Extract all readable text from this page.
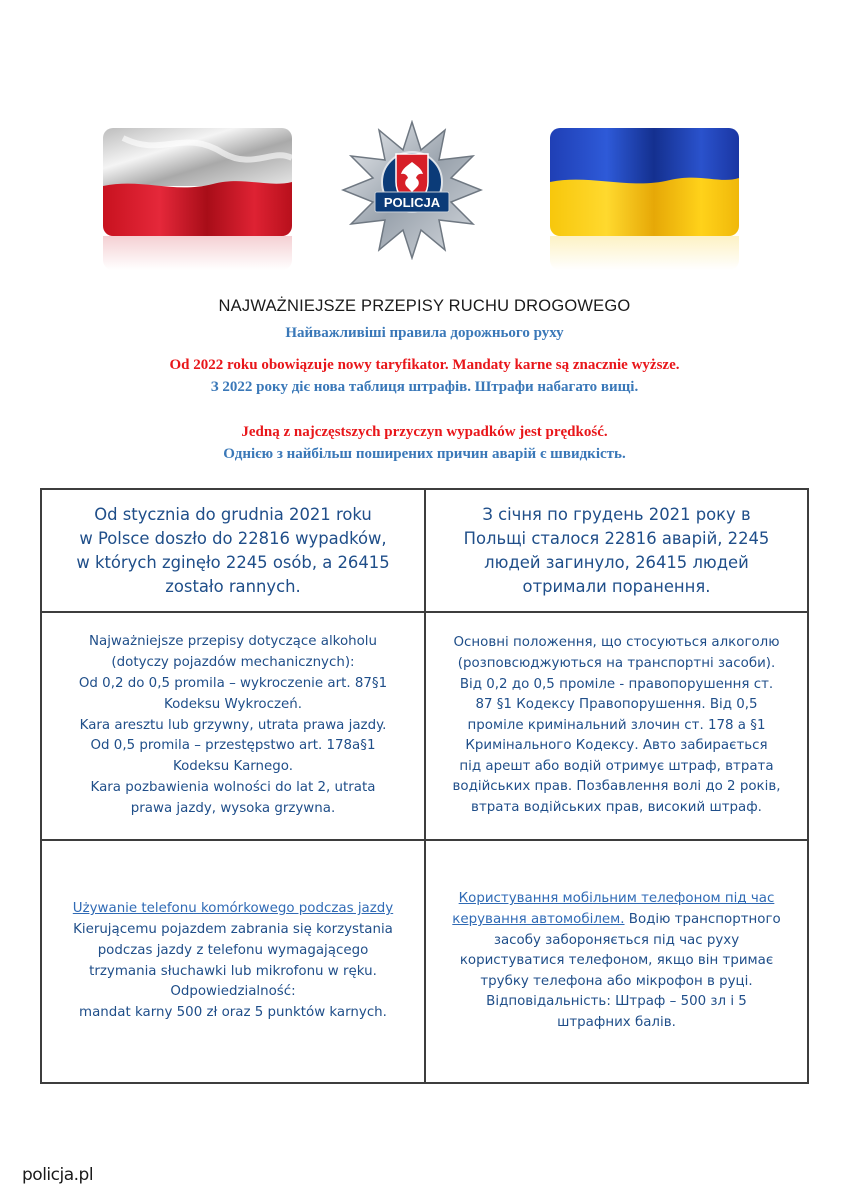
POLICJA
NAJWAŻNIEJSZE PRZEPISY RUCHU DROGOWEGO
Найважливіші правила дорожнього руху
Od 2022 roku obowiązuje nowy taryfikator. Mandaty karne są znacznie wyższe.
З 2022 року діє нова таблиця штрафів. Штрафи набагато вищі.
Jedną z najczęstszych przyczyn wypadków jest prędkość.
Однією з найбільш поширених причин аварій є швидкість.
Od stycznia do grudnia 2021 roku
w Polsce doszło do 22816 wypadków,
w których zginęło 2245 osób, a 26415
zostało rannych.
З січня по грудень 2021 року в
Польщі сталося 22816 аварій, 2245
людей загинуло, 26415 людей
отримали поранення.
Najważniejsze przepisy dotyczące alkoholu
(dotyczy pojazdów mechanicznych):
Od 0,2 do 0,5 promila – wykroczenie art. 87§1
Kodeksu Wykroczeń.
Kara aresztu lub grzywny, utrata prawa jazdy.
Od 0,5 promila – przestępstwo art. 178a§1
Kodeksu Karnego.
Kara pozbawienia wolności do lat 2, utrata
prawa jazdy, wysoka grzywna.
Основні положення, що стосуються алкоголю
(розповсюджуються на транспортні засоби).
Від 0,2 до 0,5 проміле - правопорушення ст.
87 §1 Кодексу Правопорушення. Від 0,5
проміле кримінальний злочин ст. 178 а §1
Кримінального Кодексу. Авто забирається
під арешт або водій отримує штраф, втрата
водійських прав. Позбавлення волі до 2 років,
втрата водійських прав, високий штраф.
Używanie telefonu komórkowego podczas jazdy
Kierującemu pojazdem zabrania się korzystania
podczas jazdy z telefonu wymagającego
trzymania słuchawki lub mikrofonu w ręku.
Odpowiedzialność:
mandat karny 500 zł oraz 5 punktów karnych.
Користування мобільним телефоном під час
керування автомобілем. Водію транспортного
засобу забороняється під час руху
користуватися телефоном, якщо він тримає
трубку телефона або мікрофон в руці.
Відповідальність: Штраф – 500 зл і 5
штрафних балів.
policja.pl
